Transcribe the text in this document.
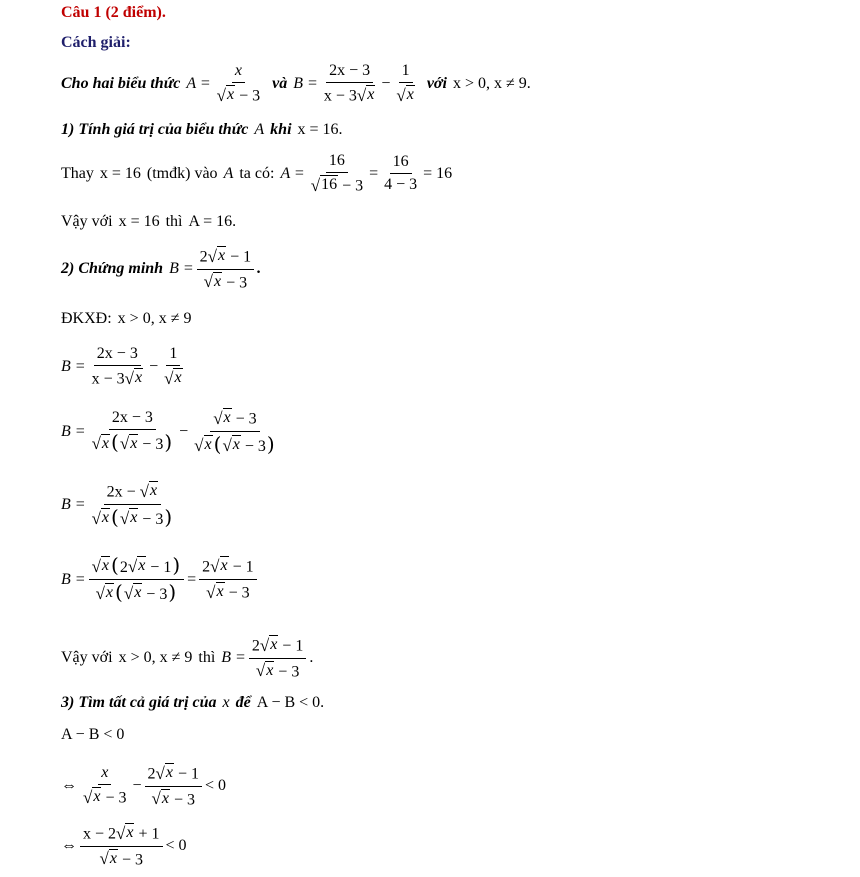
Câu 1 (2 điểm).
Cách giải:
Cho hai biểu thức $A = \frac{x}{√ x - 3}$ và $B = \frac{2x - 3}{x - 3 √ x} - \frac{1}{√ x}$ với x > 0, x ≠ 9.
1) Tính giá trị của biểu thức A khi x = 16.
Thay x = 16 (tmđk) vào A ta có: $A = \frac{16}{√ 16 - 3} = \frac{16}{4 - 3} = 16$
Vậy với x = 16 thì A = 16.
2) Chứng minh $B = \frac{2 √ x - 1}{√ x - 3}$ .
ĐKXĐ: x > 0, x ≠ 9
$B = \frac{2x - 3}{x - 3 √ x} - \frac{1}{√ x}$
$B = \frac{2x - 3}{√ x ( √ x - 3)} - \frac{√ x - 3}{√ x ( √ x - 3)}$
$B = \frac{2x - √ x}{√ x ( √ x - 3)}$
$B = \frac{√ x (2 √ x - 1)}{√ x ( √ x - 3)} = \frac{2 √ x - 1}{√ x - 3}$
Vậy với x > 0, x ≠ 9 thì $B = \frac{2 √ x - 1}{√ x - 3}$ .
3) Tìm tất cả giá trị của x để A − B < 0.
A − B < 0
⇔ $\frac{x}{√ x - 3} - \frac{2 √ x - 1}{√ x - 3} < 0$
⇔ $\frac{x - 2 √ x + 1}{√ x - 3} < 0$
